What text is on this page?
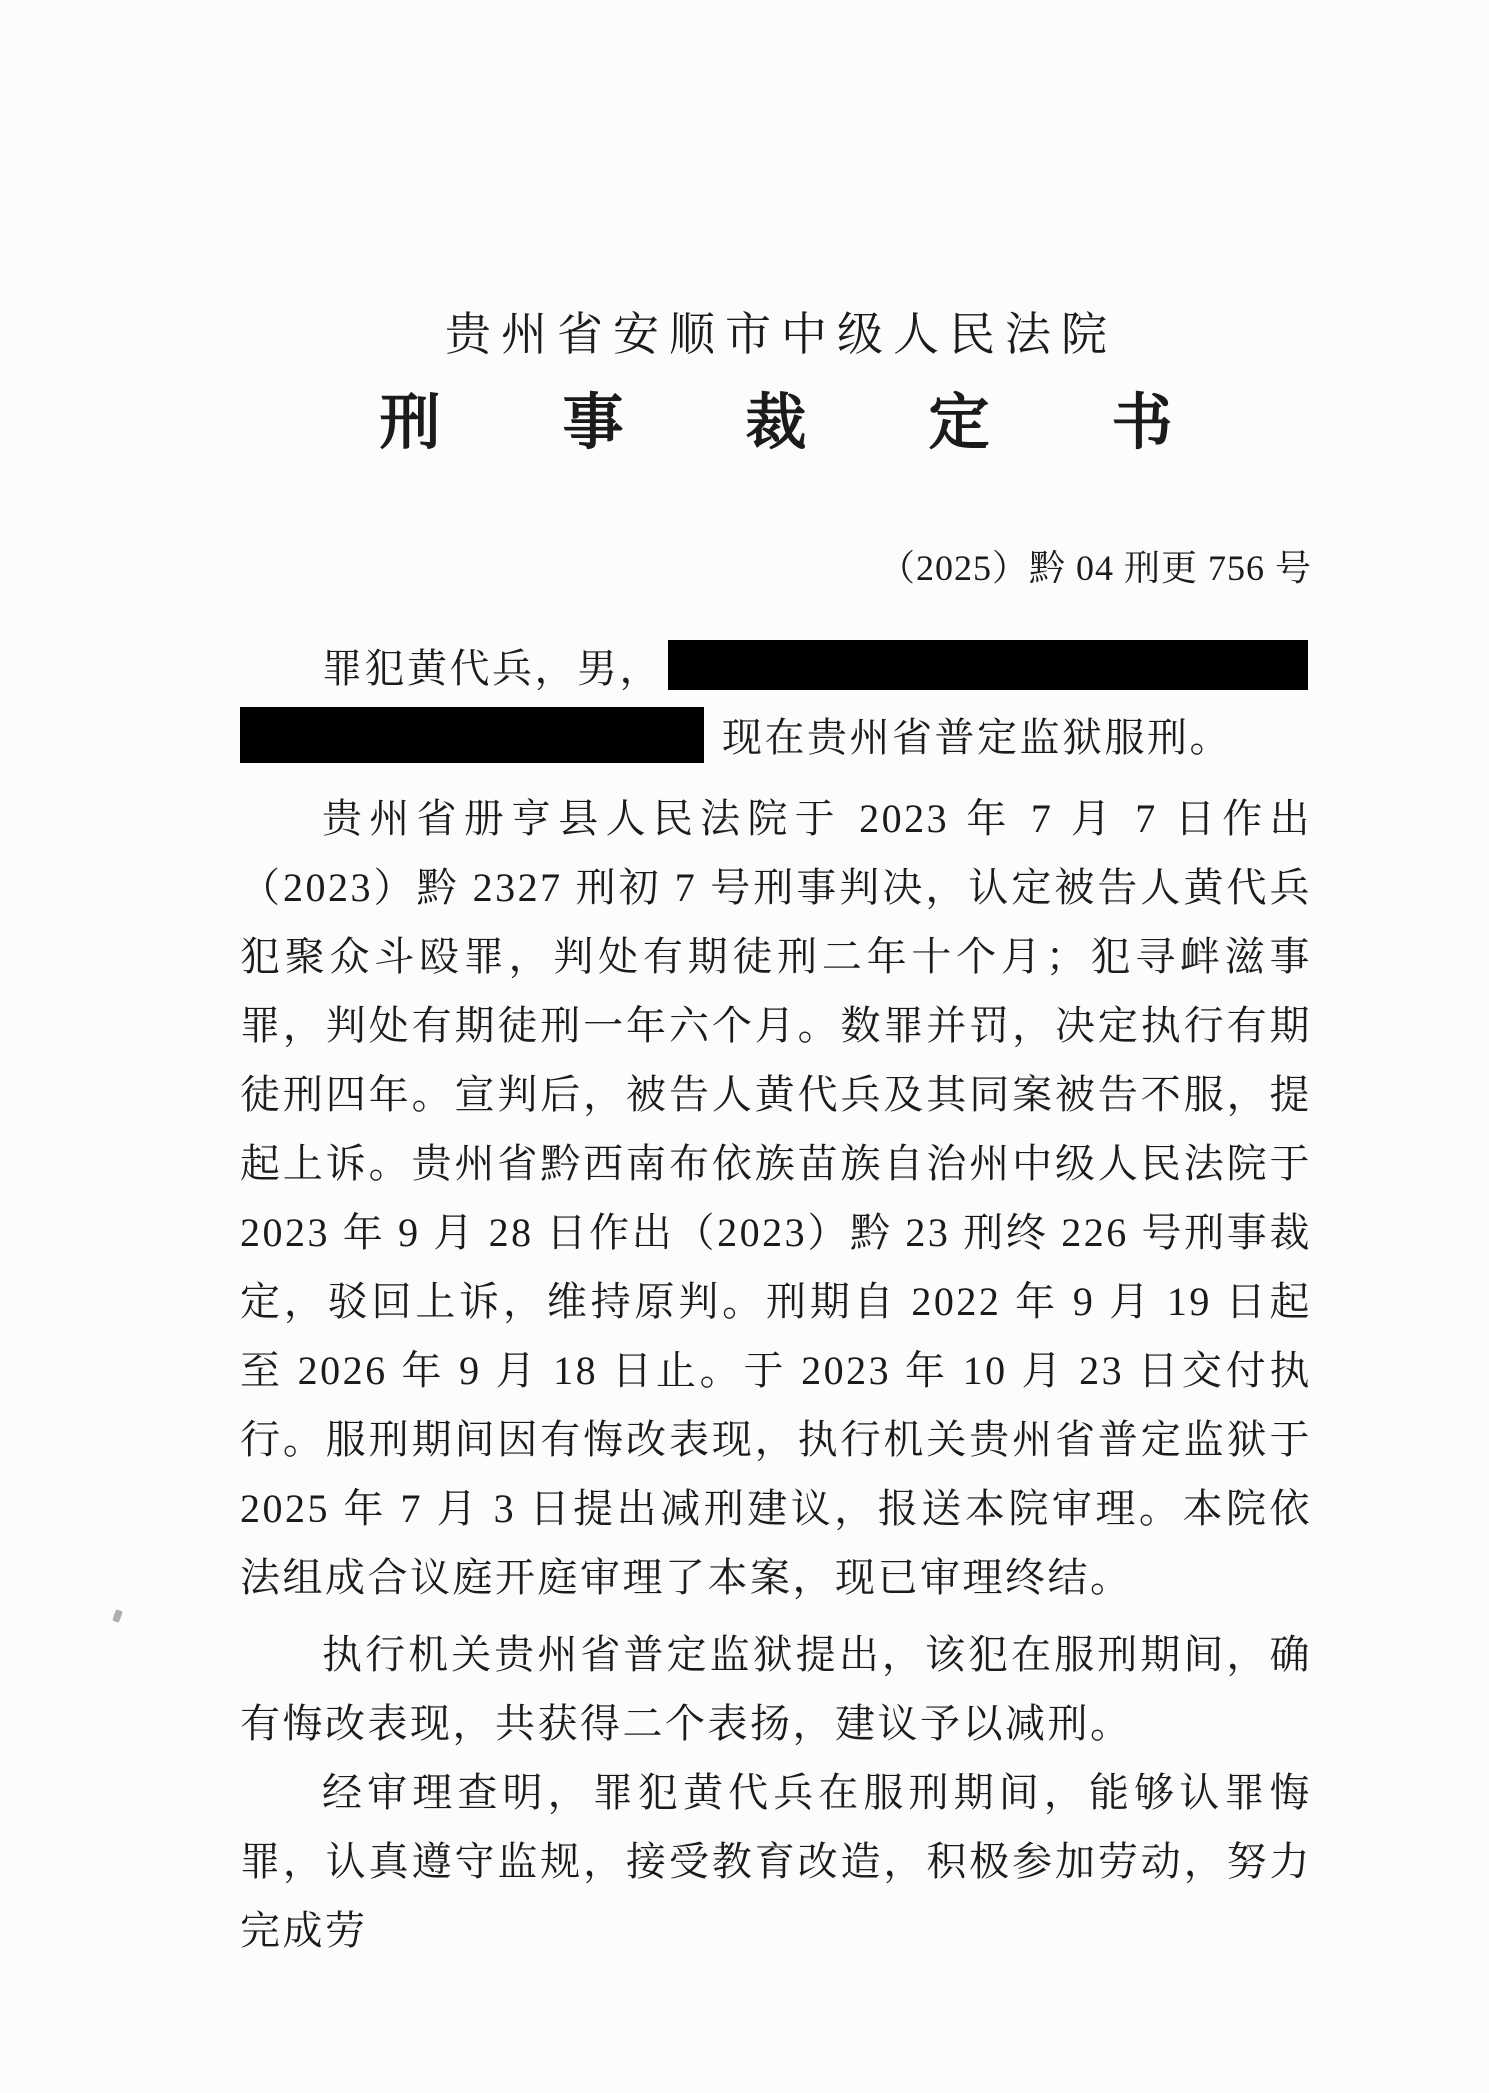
贵州省安顺市中级人民法院
刑事裁定书
（2025）黔 04 刑更 756 号
罪犯黄代兵，男，
现在贵州省普定监狱服刑。

贵州省册亨县人民法院于 2023 年 7 月 7 日作出（2023）黔 2327 刑初 7 号刑事判决，认定被告人黄代兵犯聚众斗殴罪，判处有期徒刑二年十个月；犯寻衅滋事罪，判处有期徒刑一年六个月。数罪并罚，决定执行有期徒刑四年。宣判后，被告人黄代兵及其同案被告不服，提起上诉。贵州省黔西南布依族苗族自治州中级人民法院于 2023 年 9 月 28 日作出（2023）黔 23 刑终 226 号刑事裁定，驳回上诉，维持原判。刑期自 2022 年 9 月 19 日起至 2026 年 9 月 18 日止。于 2023 年 10 月 23 日交付执行。服刑期间因有悔改表现，执行机关贵州省普定监狱于 2025 年 7 月 3 日提出减刑建议，报送本院审理。本院依法组成合议庭开庭审理了本案，现已审理终结。

执行机关贵州省普定监狱提出，该犯在服刑期间，确有悔改表现，共获得二个表扬，建议予以减刑。

经审理查明，罪犯黄代兵在服刑期间，能够认罪悔罪，认真遵守监规，接受教育改造，积极参加劳动，努力完成劳
